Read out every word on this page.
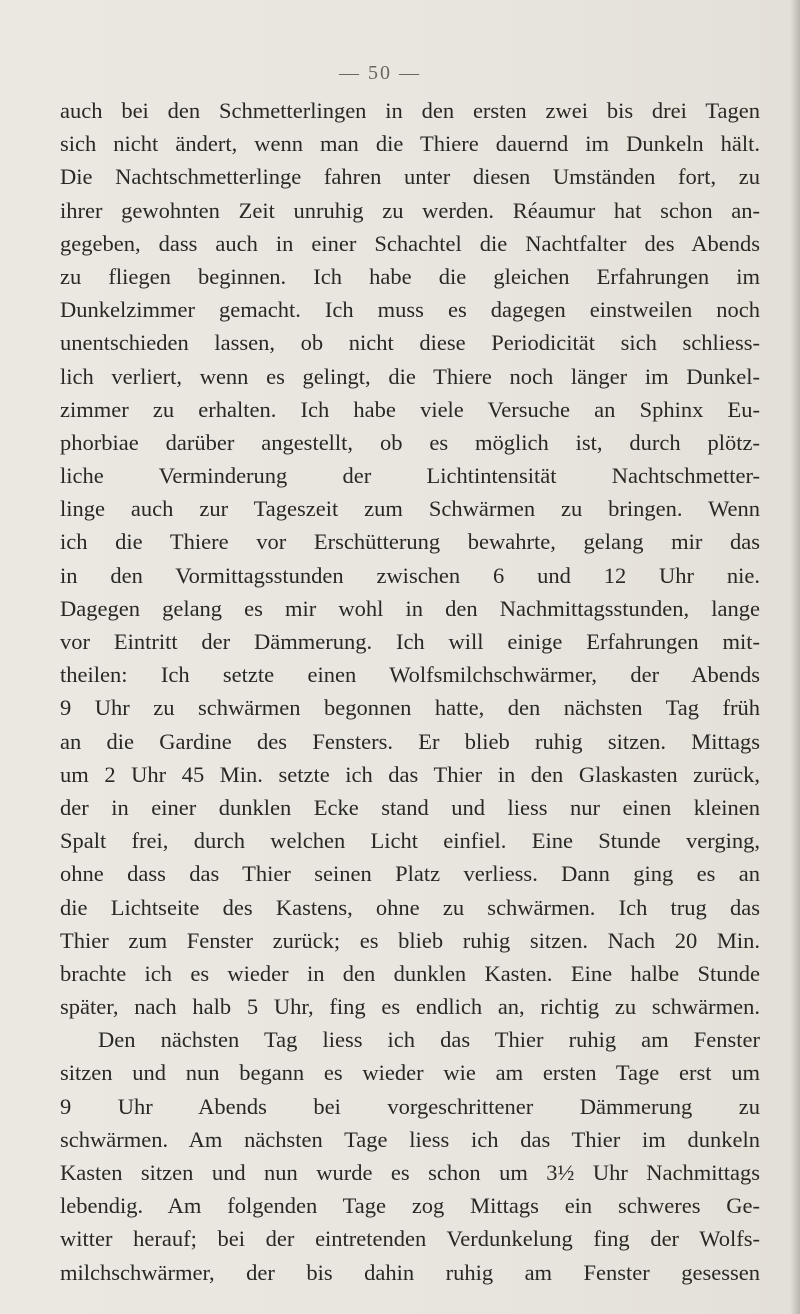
— 50 —
auch bei den Schmetterlingen in den ersten zwei bis drei Tagen
sich nicht ändert, wenn man die Thiere dauernd im Dunkeln hält.
Die Nachtschmetterlinge fahren unter diesen Umständen fort, zu
ihrer gewohnten Zeit unruhig zu werden. Réaumur hat schon an-
gegeben, dass auch in einer Schachtel die Nachtfalter des Abends
zu fliegen beginnen. Ich habe die gleichen Erfahrungen im
Dunkelzimmer gemacht. Ich muss es dagegen einstweilen noch
unentschieden lassen, ob nicht diese Periodicität sich schliess-
lich verliert, wenn es gelingt, die Thiere noch länger im Dunkel-
zimmer zu erhalten. Ich habe viele Versuche an Sphinx Eu-
phorbiae darüber angestellt, ob es möglich ist, durch plötz-
liche Verminderung der Lichtintensität Nachtschmetter-
linge auch zur Tageszeit zum Schwärmen zu bringen. Wenn
ich die Thiere vor Erschütterung bewahrte, gelang mir das
in den Vormittagsstunden zwischen 6 und 12 Uhr nie.
Dagegen gelang es mir wohl in den Nachmittagsstunden, lange
vor Eintritt der Dämmerung. Ich will einige Erfahrungen mit-
theilen: Ich setzte einen Wolfsmilchschwärmer, der Abends
9 Uhr zu schwärmen begonnen hatte, den nächsten Tag früh
an die Gardine des Fensters. Er blieb ruhig sitzen. Mittags
um 2 Uhr 45 Min. setzte ich das Thier in den Glaskasten zurück,
der in einer dunklen Ecke stand und liess nur einen kleinen
Spalt frei, durch welchen Licht einfiel. Eine Stunde verging,
ohne dass das Thier seinen Platz verliess. Dann ging es an
die Lichtseite des Kastens, ohne zu schwärmen. Ich trug das
Thier zum Fenster zurück; es blieb ruhig sitzen. Nach 20 Min.
brachte ich es wieder in den dunklen Kasten. Eine halbe Stunde
später, nach halb 5 Uhr, fing es endlich an, richtig zu schwärmen.
Den nächsten Tag liess ich das Thier ruhig am Fenster
sitzen und nun begann es wieder wie am ersten Tage erst um
9 Uhr Abends bei vorgeschrittener Dämmerung zu
schwärmen. Am nächsten Tage liess ich das Thier im dunkeln
Kasten sitzen und nun wurde es schon um 3½ Uhr Nachmittags
lebendig. Am folgenden Tage zog Mittags ein schweres Ge-
witter herauf; bei der eintretenden Verdunkelung fing der Wolfs-
milchschwärmer, der bis dahin ruhig am Fenster gesessen
